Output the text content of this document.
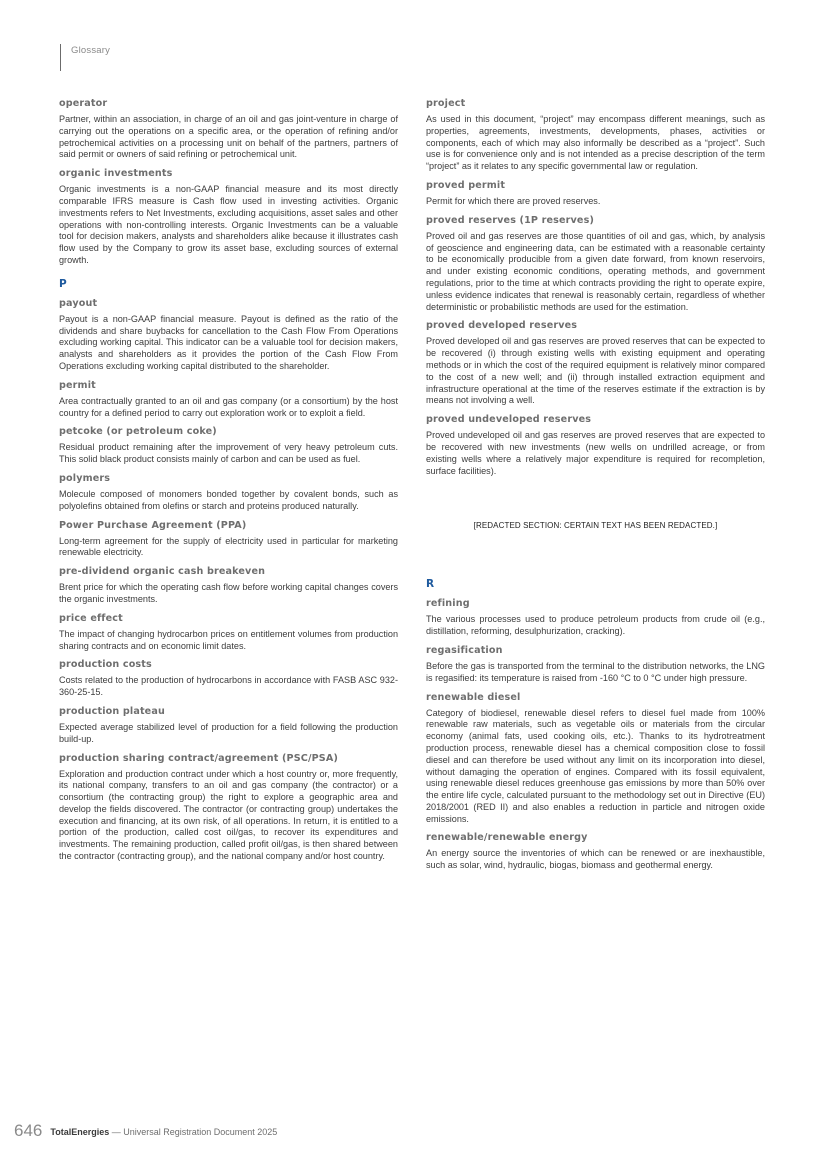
Glossary
operator

Partner, within an association, in charge of an oil and gas joint-venture in charge of carrying out the operations on a specific area, or the operation of refining and/or petrochemical activities on a processing unit on behalf of the partners, partners of said permit or owners of said refining or petrochemical unit.

organic investments

Organic investments is a non-GAAP financial measure and its most directly comparable IFRS measure is Cash flow used in investing activities. Organic investments refers to Net Investments, excluding acquisitions, asset sales and other operations with non-controlling interests. Organic Investments can be a valuable tool for decision makers, analysts and shareholders alike because it illustrates cash flow used by the Company to grow its asset base, excluding sources of external growth.

P
payout

Payout is a non-GAAP financial measure. Payout is defined as the ratio of the dividends and share buybacks for cancellation to the Cash Flow From Operations excluding working capital. This indicator can be a valuable tool for decision makers, analysts and shareholders as it provides the portion of the Cash Flow From Operations excluding working capital distributed to the shareholder.

permit

Area contractually granted to an oil and gas company (or a consortium) by the host country for a defined period to carry out exploration work or to exploit a field.

petcoke (or petroleum coke)

Residual product remaining after the improvement of very heavy petroleum cuts. This solid black product consists mainly of carbon and can be used as fuel.

polymers

Molecule composed of monomers bonded together by covalent bonds, such as polyolefins obtained from olefins or starch and proteins produced naturally.

Power Purchase Agreement (PPA)

Long-term agreement for the supply of electricity used in particular for marketing renewable electricity.

pre-dividend organic cash breakeven

Brent price for which the operating cash flow before working capital changes covers the organic investments.

price effect

The impact of changing hydrocarbon prices on entitlement volumes from production sharing contracts and on economic limit dates.

production costs

Costs related to the production of hydrocarbons in accordance with FASB ASC 932-360-25-15.

production plateau

Expected average stabilized level of production for a field following the production build-up.

production sharing contract/agreement (PSC/PSA)

Exploration and production contract under which a host country or, more frequently, its national company, transfers to an oil and gas company (the contractor) or a consortium (the contracting group) the right to explore a geographic area and develop the fields discovered. The contractor (or contracting group) undertakes the execution and financing, at its own risk, of all operations. In return, it is entitled to a portion of the production, called cost oil/gas, to recover its expenditures and investments. The remaining production, called profit oil/gas, is then shared between the contractor (contracting group), and the national company and/or host country.

project

As used in this document, “project” may encompass different meanings, such as properties, agreements, investments, developments, phases, activities or components, each of which may also informally be described as a “project”. Such use is for convenience only and is not intended as a precise description of the term “project” as it relates to any specific governmental law or regulation.

proved permit

Permit for which there are proved reserves.

proved reserves (1P reserves)

Proved oil and gas reserves are those quantities of oil and gas, which, by analysis of geoscience and engineering data, can be estimated with a reasonable certainty to be economically producible from a given date forward, from known reservoirs, and under existing economic conditions, operating methods, and government regulations, prior to the time at which contracts providing the right to operate expire, unless evidence indicates that renewal is reasonably certain, regardless of whether deterministic or probabilistic methods are used for the estimation.

proved developed reserves

Proved developed oil and gas reserves are proved reserves that can be expected to be recovered (i) through existing wells with existing equipment and operating methods or in which the cost of the required equipment is relatively minor compared to the cost of a new well; and (ii) through installed extraction equipment and infrastructure operational at the time of the reserves estimate if the extraction is by means not involving a well.

proved undeveloped reserves

Proved undeveloped oil and gas reserves are proved reserves that are expected to be recovered with new investments (new wells on undrilled acreage, or from existing wells where a relatively major expenditure is required for recompletion, surface facilities).

[REDACTED SECTION: CERTAIN TEXT HAS BEEN REDACTED.]
R
refining

The various processes used to produce petroleum products from crude oil (e.g., distillation, reforming, desulphurization, cracking).

regasification

Before the gas is transported from the terminal to the distribution networks, the LNG is regasified: its temperature is raised from -160 °C to 0 °C under high pressure.

renewable diesel

Category of biodiesel, renewable diesel refers to diesel fuel made from 100% renewable raw materials, such as vegetable oils or materials from the circular economy (animal fats, used cooking oils, etc.). Thanks to its hydrotreatment production process, renewable diesel has a chemical composition close to fossil diesel and can therefore be used without any limit on its incorporation into diesel, without damaging the operation of engines. Compared with its fossil equivalent, using renewable diesel reduces greenhouse gas emissions by more than 50% over the entire life cycle, calculated pursuant to the methodology set out in Directive (EU) 2018/2001 (RED II) and also enables a reduction in particle and nitrogen oxide emissions.

renewable/renewable energy

An energy source the inventories of which can be renewed or are inexhaustible, such as solar, wind, hydraulic, biogas, biomass and geothermal energy.

646 TotalEnergies — Universal Registration Document 2025
